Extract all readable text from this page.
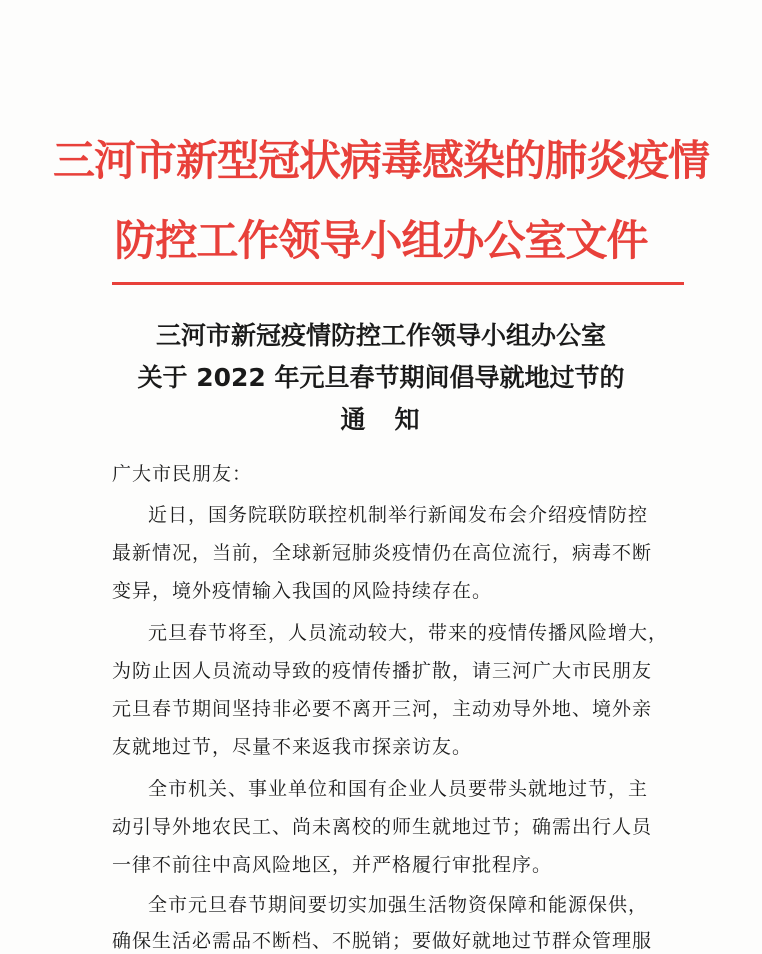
三河市新型冠状病毒感染的肺炎疫情
防控工作领导小组办公室文件
三河市新冠疫情防控工作领导小组办公室
关于 2022 年元旦春节期间倡导就地过节的
通　知
广大市民朋友：
近日，国务院联防联控机制举行新闻发布会介绍疫情防控
最新情况，当前，全球新冠肺炎疫情仍在高位流行，病毒不断
变异，境外疫情输入我国的风险持续存在。
元旦春节将至，人员流动较大，带来的疫情传播风险增大，
为防止因人员流动导致的疫情传播扩散，请三河广大市民朋友
元旦春节期间坚持非必要不离开三河，主动劝导外地、境外亲
友就地过节，尽量不来返我市探亲访友。
全市机关、事业单位和国有企业人员要带头就地过节，主
动引导外地农民工、尚未离校的师生就地过节；确需出行人员
一律不前往中高风险地区，并严格履行审批程序。
全市元旦春节期间要切实加强生活物资保障和能源保供，
确保生活必需品不断档、不脱销；要做好就地过节群众管理服
